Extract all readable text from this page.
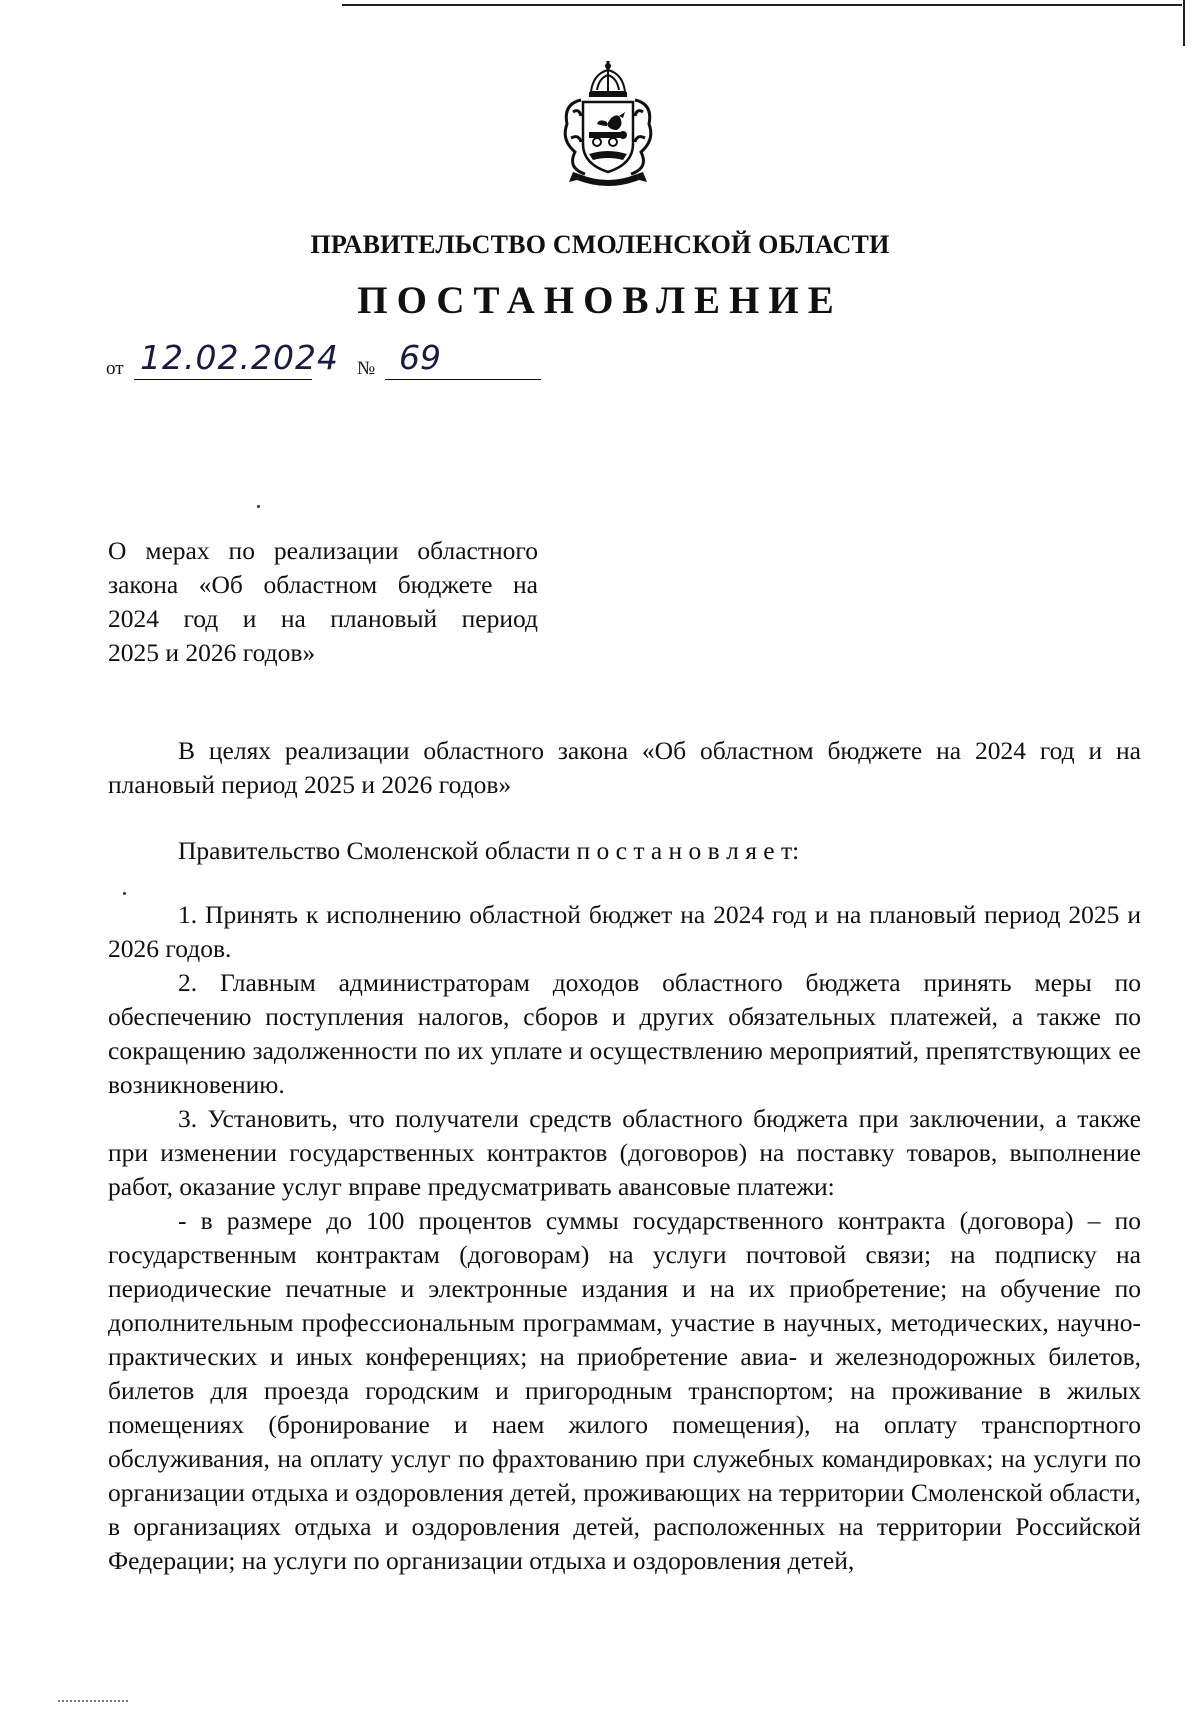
ПРАВИТЕЛЬСТВО СМОЛЕНСКОЙ ОБЛАСТИ
ПОСТАНОВЛЕНИЕ
от 12.02.2024 № 69

О мерах по реализации областного

закона «Об областном бюджете на

2024 год и на плановый период

2025 и 2026 годов»

В целях реализации областного закона «Об областном бюджете на 2024 год и на плановый период 2025 и 2026 годов»

Правительство Смоленской области п о с т а н о в л я е т:

1. Принять к исполнению областной бюджет на 2024 год и на плановый период 2025 и 2026 годов.

2. Главным администраторам доходов областного бюджета принять меры по обеспечению поступления налогов, сборов и других обязательных платежей, а также по сокращению задолженности по их уплате и осуществлению мероприятий, препятствующих ее возникновению.

3. Установить, что получатели средств областного бюджета при заключении, а также при изменении государственных контрактов (договоров) на поставку товаров, выполнение работ, оказание услуг вправе предусматривать авансовые платежи:

- в размере до 100 процентов суммы государственного контракта (договора) – по государственным контрактам (договорам) на услуги почтовой связи; на подписку на периодические печатные и электронные издания и на их приобретение; на обучение по дополнительным профессиональным программам, участие в научных, методических, научно-практических и иных конференциях; на приобретение авиа- и железнодорожных билетов, билетов для проезда городским и пригородным транспортом; на проживание в жилых помещениях (бронирование и наем жилого помещения), на оплату транспортного обслуживания, на оплату услуг по фрахтованию при служебных командировках; на услуги по организации отдыха и оздоровления детей, проживающих на территории Смоленской области, в организациях отдыха и оздоровления детей, расположенных на территории Российской Федерации; на услуги по организации отдыха и оздоровления детей,
